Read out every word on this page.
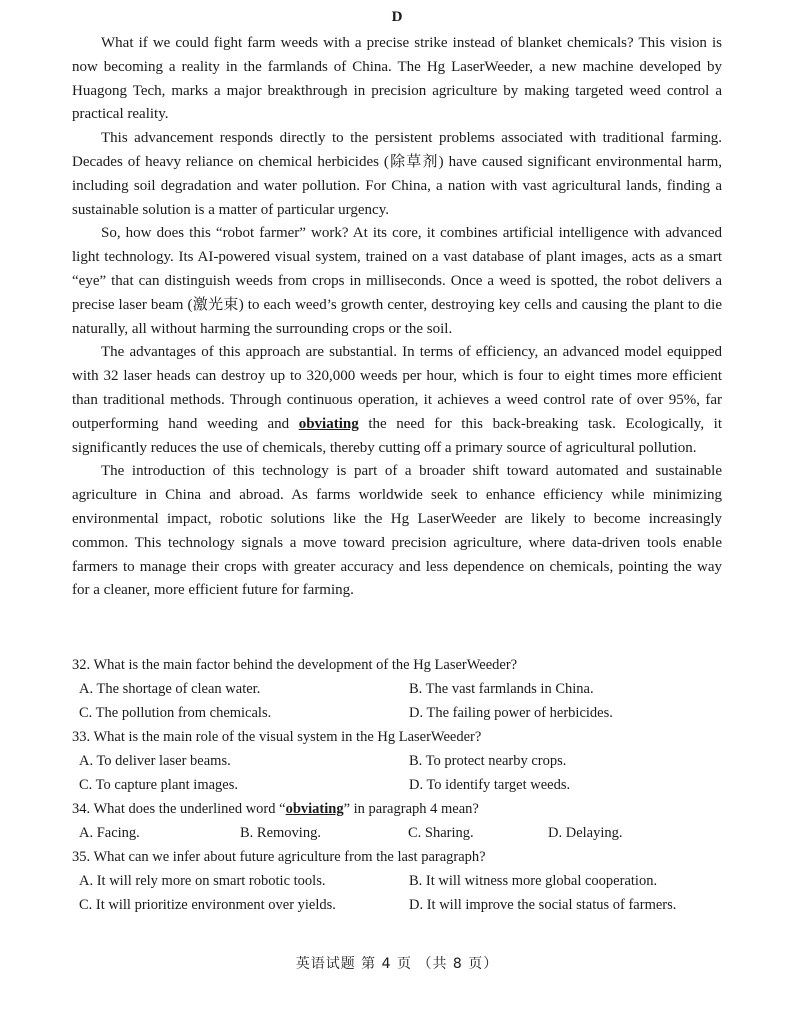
D

What if we could fight farm weeds with a precise strike instead of blanket chemicals? This vision is now becoming a reality in the farmlands of China. The Hg LaserWeeder, a new machine developed by Huagong Tech, marks a major breakthrough in precision agriculture by making targeted weed control a practical reality.

This advancement responds directly to the persistent problems associated with traditional farming. Decades of heavy reliance on chemical herbicides (除草剂) have caused significant environmental harm, including soil degradation and water pollution. For China, a nation with vast agricultural lands, finding a sustainable solution is a matter of particular urgency.

So, how does this “robot farmer” work? At its core, it combines artificial intelligence with advanced light technology. Its AI-powered visual system, trained on a vast database of plant images, acts as a smart “eye” that can distinguish weeds from crops in milliseconds. Once a weed is spotted, the robot delivers a precise laser beam (激光束) to each weed’s growth center, destroying key cells and causing the plant to die naturally, all without harming the surrounding crops or the soil.

The advantages of this approach are substantial. In terms of efficiency, an advanced model equipped with 32 laser heads can destroy up to 320,000 weeds per hour, which is four to eight times more efficient than traditional methods. Through continuous operation, it achieves a weed control rate of over 95%, far outperforming hand weeding and obviating the need for this back-breaking task. Ecologically, it significantly reduces the use of chemicals, thereby cutting off a primary source of agricultural pollution.

The introduction of this technology is part of a broader shift toward automated and sustainable agriculture in China and abroad. As farms worldwide seek to enhance efficiency while minimizing environmental impact, robotic solutions like the Hg LaserWeeder are likely to become increasingly common. This technology signals a move toward precision agriculture, where data-driven tools enable farmers to manage their crops with greater accuracy and less dependence on chemicals, pointing the way for a cleaner, more efficient future for farming.

32. What is the main factor behind the development of the Hg LaserWeeder?
A. The shortage of clean water.	B. The vast farmlands in China.
C. The pollution from chemicals.	D. The failing power of herbicides.
33. What is the main role of the visual system in the Hg LaserWeeder?
A. To deliver laser beams.	B. To protect nearby crops.
C. To capture plant images.	D. To identify target weeds.
34. What does the underlined word “obviating” in paragraph 4 mean?
A. Facing.	B. Removing.	C. Sharing.	D. Delaying.
35. What can we infer about future agriculture from the last paragraph?
A. It will rely more on smart robotic tools.	B. It will witness more global cooperation.
C. It will prioritize environment over yields.	D. It will improve the social status of farmers.
英语试题 第 4 页 （共 8 页）
